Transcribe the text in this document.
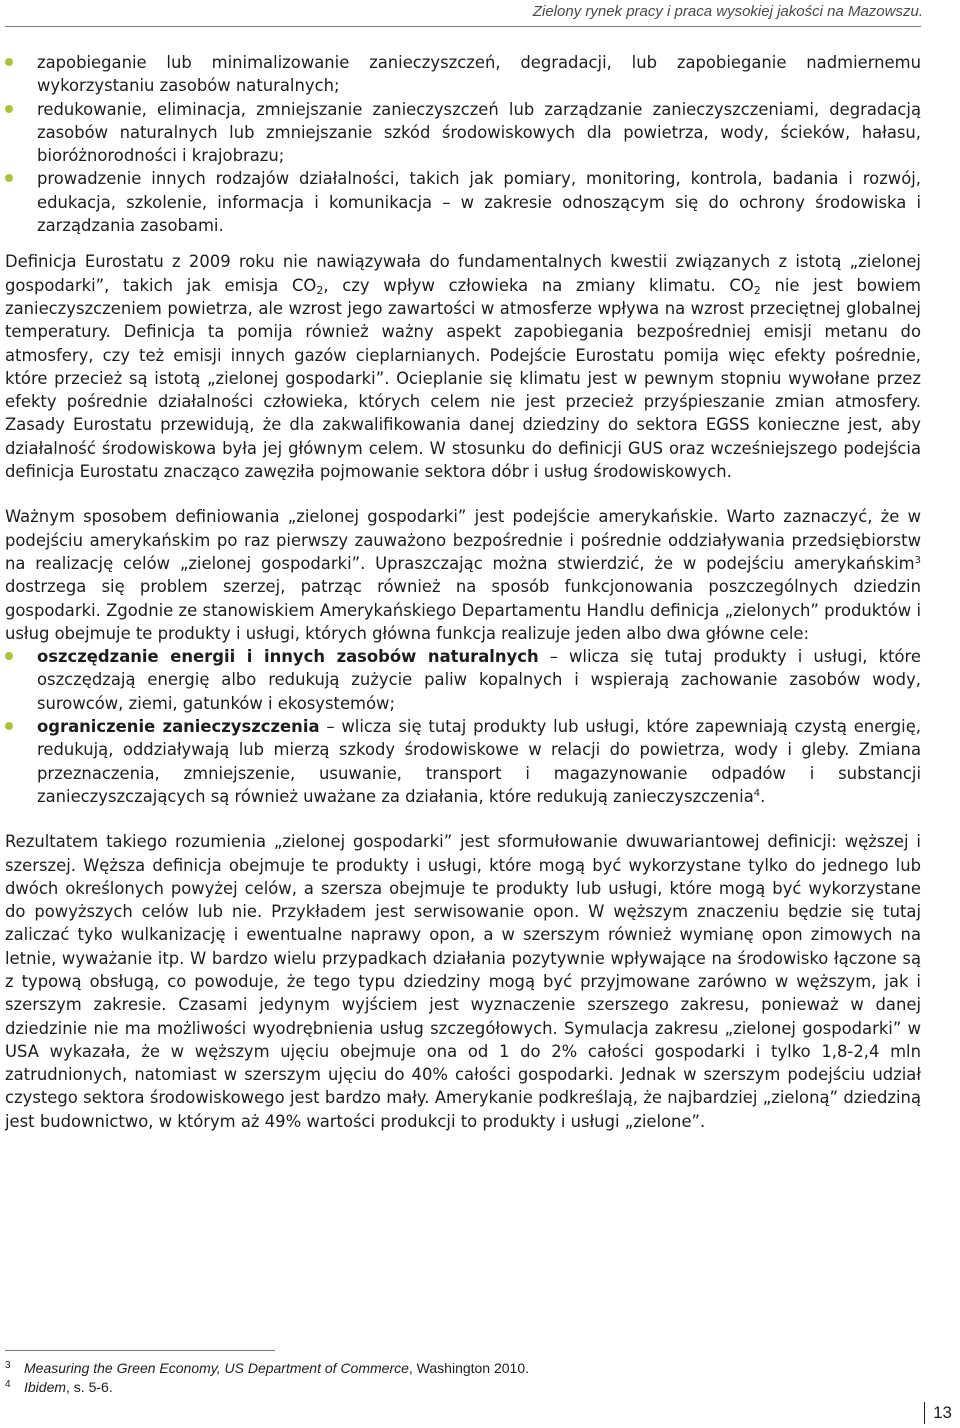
Zielony rynek pracy i praca wysokiej jakości na Mazowszu.
zapobieganie lub minimalizowanie zanieczyszczeń, degradacji, lub zapobieganie nadmiernemu wykorzystaniu zasobów naturalnych;
redukowanie, eliminacja, zmniejszanie zanieczyszczeń lub zarządzanie zanieczyszczeniami, degradacją zasobów naturalnych lub zmniejszanie szkód środowiskowych dla powietrza, wody, ścieków, hałasu, bioróżnorodności i krajobrazu;
prowadzenie innych rodzajów działalności, takich jak pomiary, monitoring, kontrola, badania i rozwój, edukacja, szkolenie, informacja i komunikacja – w zakresie odnoszącym się do ochrony środowiska i zarządzania zasobami.

Definicja Eurostatu z 2009 roku nie nawiązywała do fundamentalnych kwestii związanych z istotą „zielonej gospodarki”, takich jak emisja $CO_2$, czy wpływ człowieka na zmiany klimatu. $CO_2$ nie jest bowiem zanieczyszczeniem powietrza, ale wzrost jego zawartości w atmosferze wpływa na wzrost przeciętnej globalnej temperatury. Definicja ta pomija również ważny aspekt zapobiegania bezpośredniej emisji metanu do atmosfery, czy też emisji innych gazów cieplarnianych. Podejście Eurostatu pomija więc efekty pośrednie, które przecież są istotą „zielonej gospodarki”. Ocieplanie się klimatu jest w pewnym stopniu wywołane przez efekty pośrednie działalności człowieka, których celem nie jest przecież przyśpieszanie zmian atmosfery. Zasady Eurostatu przewidują, że dla zakwalifikowania danej dziedziny do sektora EGSS konieczne jest, aby działalność środowiskowa była jej głównym celem. W stosunku do definicji GUS oraz wcześniejszego podejścia definicja Eurostatu znacząco zawęziła pojmowanie sektora dóbr i usług środowiskowych.

Ważnym sposobem definiowania „zielonej gospodarki” jest podejście amerykańskie. Warto zaznaczyć, że w podejściu amerykańskim po raz pierwszy zauważono bezpośrednie i pośrednie oddziaływania przedsiębiorstw na realizację celów „zielonej gospodarki”. Upraszczając można stwierdzić, że w podejściu amerykańskim$^3$ dostrzega się problem szerzej, patrząc również na sposób funkcjonowania poszczególnych dziedzin gospodarki. Zgodnie ze stanowiskiem Amerykańskiego Departamentu Handlu definicja „zielonych” produktów i usług obejmuje te produkty i usługi, których główna funkcja realizuje jeden albo dwa główne cele:

oszczędzanie energii i innych zasobów naturalnych – wlicza się tutaj produkty i usługi, które oszczędzają energię albo redukują zużycie paliw kopalnych i wspierają zachowanie zasobów wody, surowców, ziemi, gatunków i ekosystemów;
ograniczenie zanieczyszczenia – wlicza się tutaj produkty lub usługi, które zapewniają czystą energię, redukują, oddziaływają lub mierzą szkody środowiskowe w relacji do powietrza, wody i gleby. Zmiana przeznaczenia, zmniejszenie, usuwanie, transport i magazynowanie odpadów i substancji zanieczyszczających są również uważane za działania, które redukują zanieczyszczenia$^4$.

Rezultatem takiego rozumienia „zielonej gospodarki” jest sformułowanie dwuwariantowej definicji: węższej i szerszej. Węższa definicja obejmuje te produkty i usługi, które mogą być wykorzystane tylko do jednego lub dwóch określonych powyżej celów, a szersza obejmuje te produkty lub usługi, które mogą być wykorzystane do powyższych celów lub nie. Przykładem jest serwisowanie opon. W węższym znaczeniu będzie się tutaj zaliczać tyko wulkanizację i ewentualne naprawy opon, a w szerszym również wymianę opon zimowych na letnie, wyważanie itp. W bardzo wielu przypadkach działania pozytywnie wpływające na środowisko łączone są z typową obsługą, co powoduje, że tego typu dziedziny mogą być przyjmowane zarówno w węższym, jak i szerszym zakresie. Czasami jedynym wyjściem jest wyznaczenie szerszego zakresu, ponieważ w danej dziedzinie nie ma możliwości wyodrębnienia usług szczegółowych. Symulacja zakresu „zielonej gospodarki” w USA wykazała, że w węższym ujęciu obejmuje ona od 1 do 2% całości gospodarki i tylko 1,8-2,4 mln zatrudnionych, natomiast w szerszym ujęciu do 40% całości gospodarki. Jednak w szerszym podejściu udział czystego sektora środowiskowego jest bardzo mały. Amerykanie podkreślają, że najbardziej „zieloną” dziedziną jest budownictwo, w którym aż 49% wartości produkcji to produkty i usługi „zielone”.

3 Measuring the Green Economy, US Department of Commerce, Washington 2010.
4 Ibidem, s. 5-6.
13
